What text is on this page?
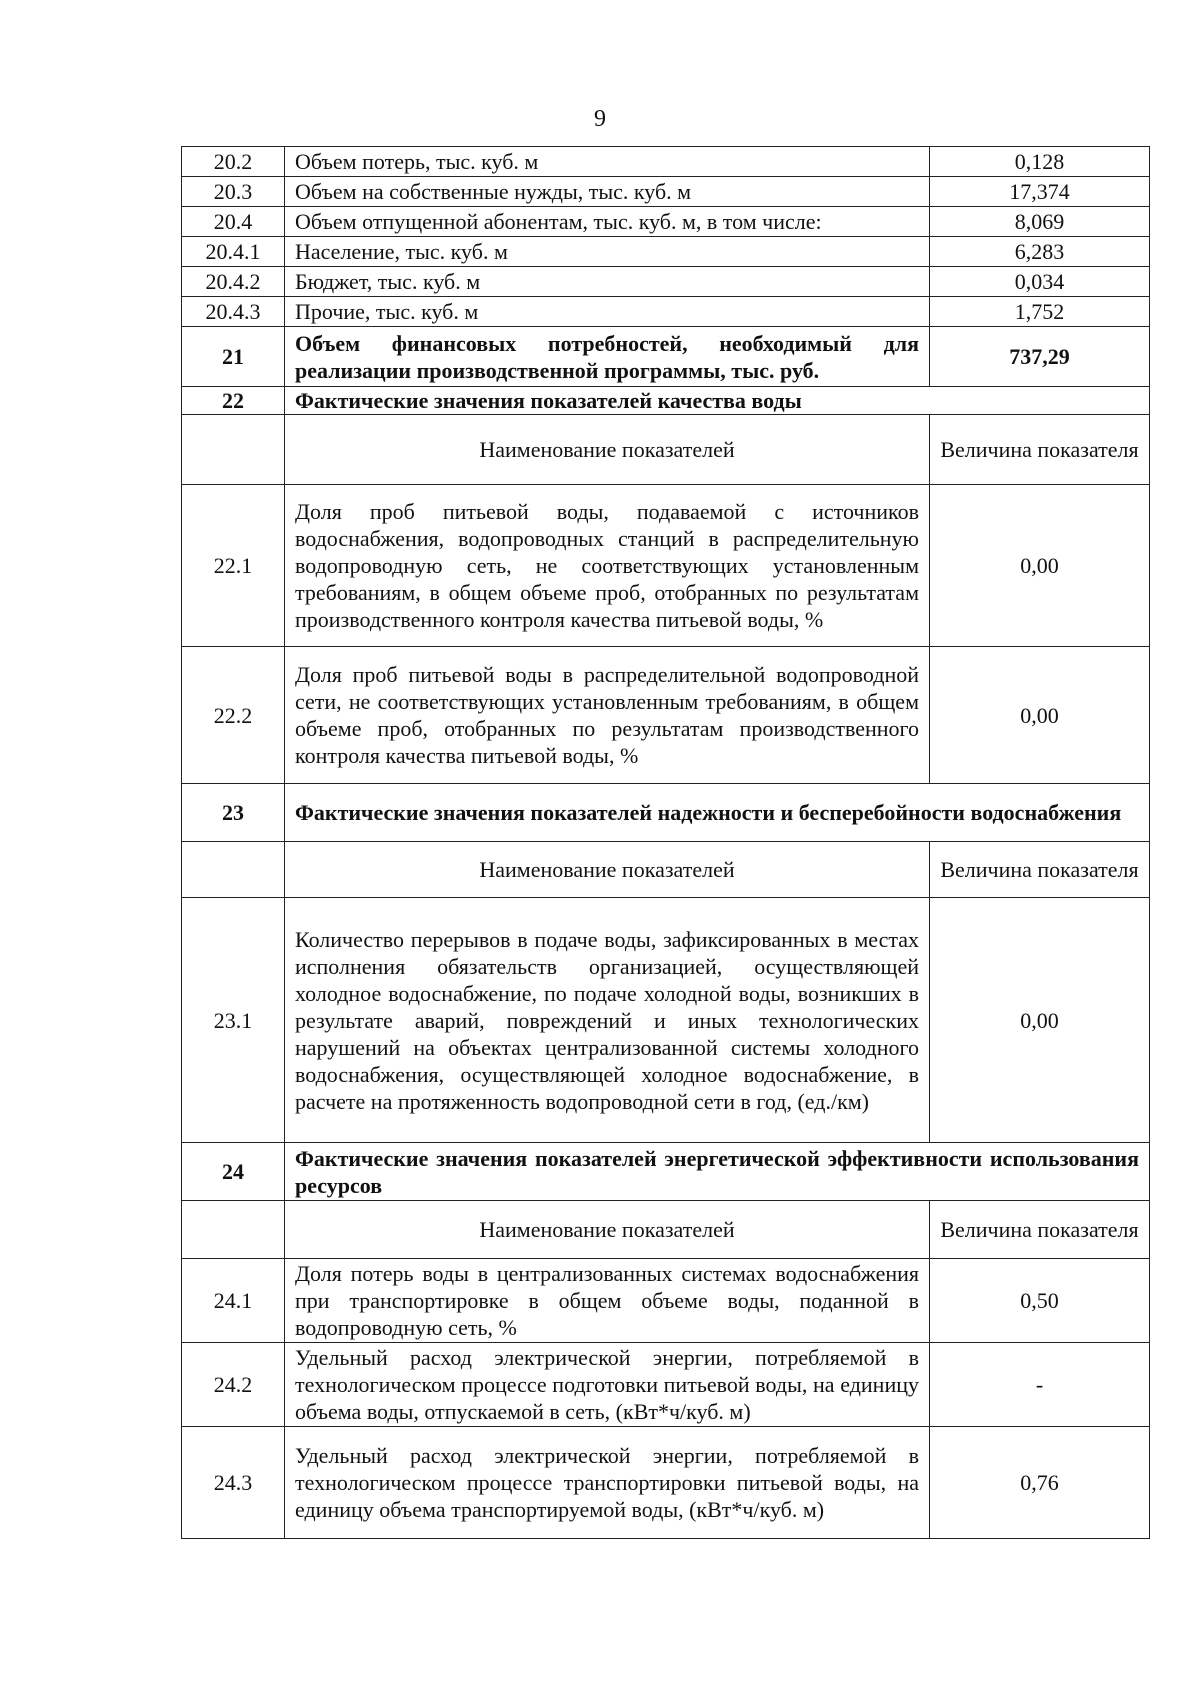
9
20.2	Объем потерь, тыс. куб. м	0,128
20.3	Объем на собственные нужды, тыс. куб. м	17,374
20.4	Объем отпущенной абонентам, тыс. куб. м, в том числе:	8,069
20.4.1	Население, тыс. куб. м	6,283
20.4.2	Бюджет, тыс. куб. м	0,034
20.4.3	Прочие, тыс. куб. м	1,752
21	Объем финансовых потребностей, необходимый для реализации производственной программы, тыс. руб.	737,29
22	Фактические значения показателей качества воды	
	Наименование показателей	Величина показателя
22.1	Доля проб питьевой воды, подаваемой с источников водоснабжения, водопроводных станций в распределительную водопроводную сеть, не соответствующих установленным требованиям, в общем объеме проб, отобранных по результатам производственного контроля качества питьевой воды, %	0,00
22.2	Доля проб питьевой воды в распределительной водопроводной сети, не соответствующих установленным требованиям, в общем объеме проб, отобранных по результатам производственного контроля качества питьевой воды, %	0,00
23	Фактические значения показателей надежности и бесперебойности водоснабжения	
	Наименование показателей	Величина показателя
23.1	Количество перерывов в подаче воды, зафиксированных в местах исполнения обязательств организацией, осуществляющей холодное водоснабжение, по подаче холодной воды, возникших в результате аварий, повреждений и иных технологических нарушений на объектах централизованной системы холодного водоснабжения, осуществляющей холодное водоснабжение, в расчете на протяженность водопроводной сети в год, (ед./км)	0,00
24	Фактические значения показателей энергетической эффективности использования ресурсов	
	Наименование показателей	Величина показателя
24.1	Доля потерь воды в централизованных системах водоснабжения при транспортировке в общем объеме воды, поданной в водопроводную сеть, %	0,50
24.2	Удельный расход электрической энергии, потребляемой в технологическом процессе подготовки питьевой воды, на единицу объема воды, отпускаемой в сеть, (кВт*ч/куб. м)	-
24.3	Удельный расход электрической энергии, потребляемой в технологическом процессе транспортировки питьевой воды, на единицу объема транспортируемой воды, (кВт*ч/куб. м)	0,76
